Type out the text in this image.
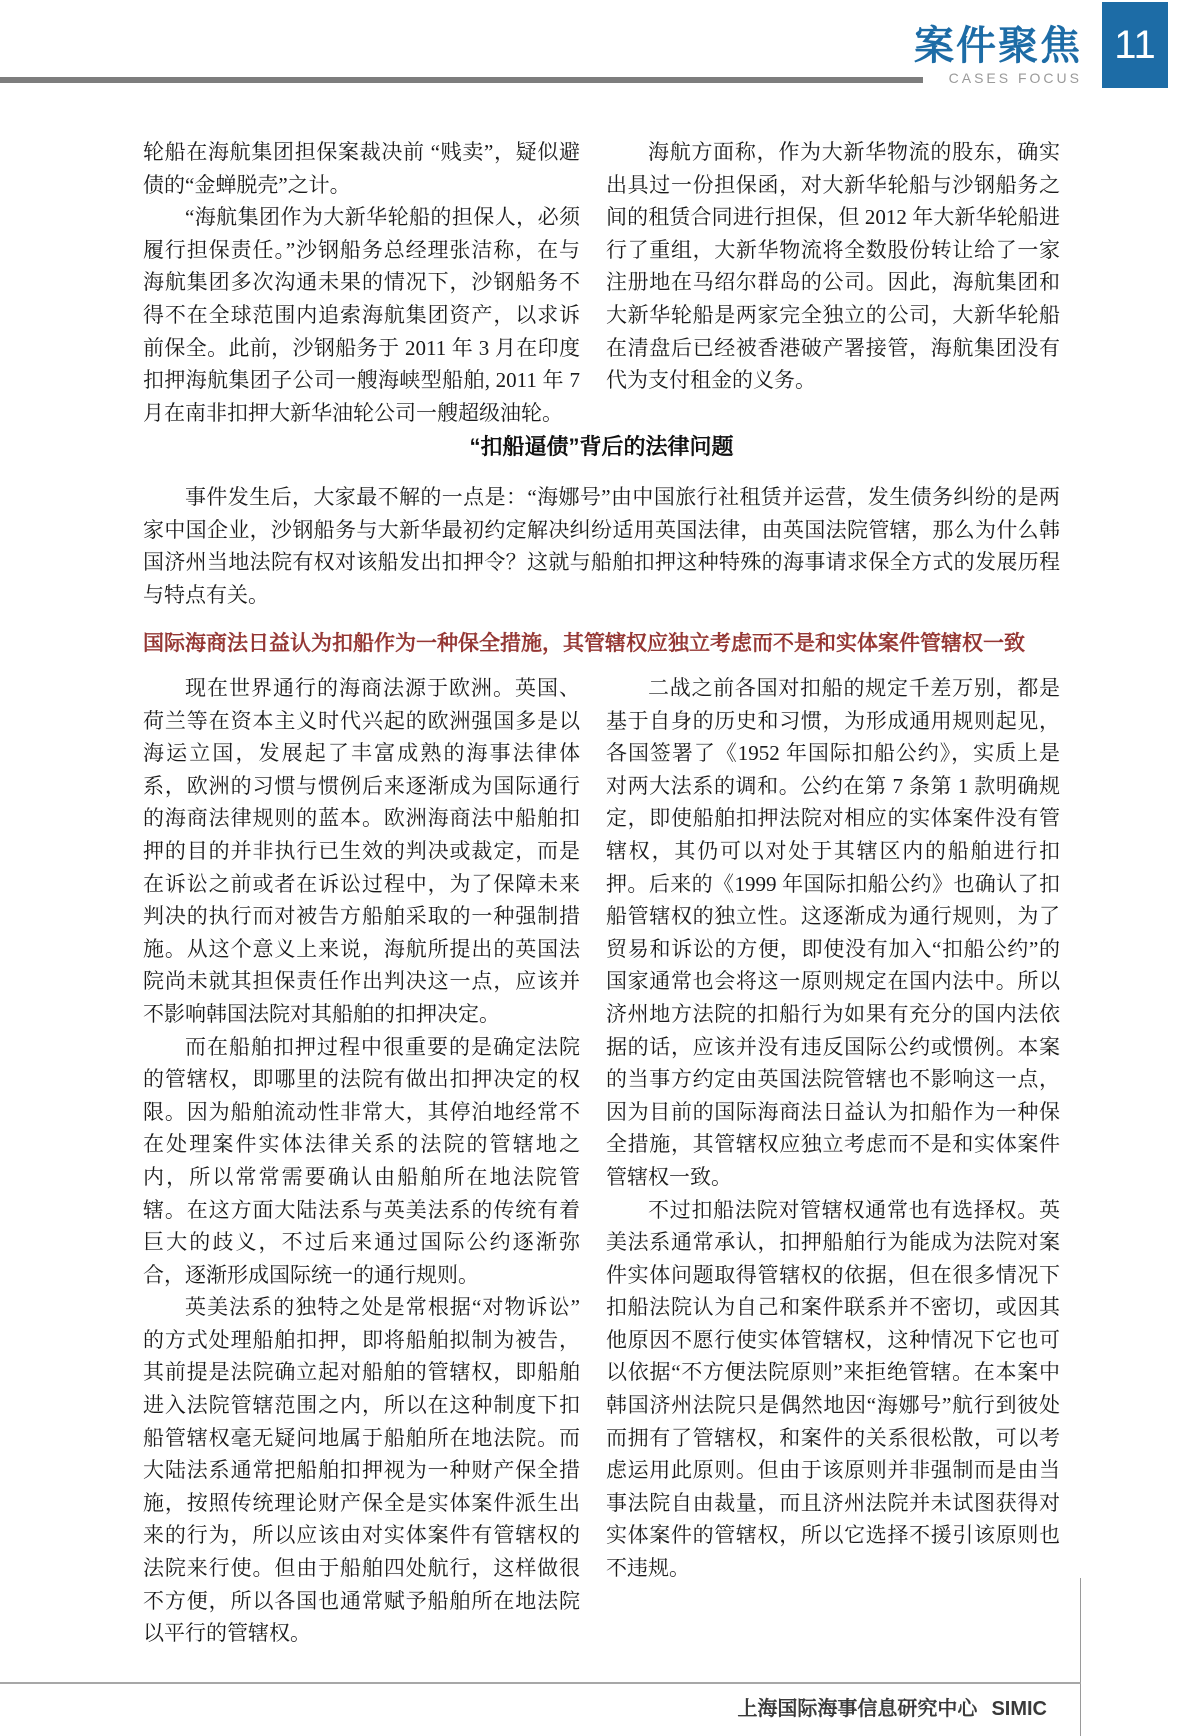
案件聚焦
CASES FOCUS
11

轮船在海航集团担保案裁决前 “贱卖”，疑似避债的“金蝉脱壳”之计。

“海航集团作为大新华轮船的担保人，必须履行担保责任。”沙钢船务总经理张洁称，在与海航集团多次沟通未果的情况下，沙钢船务不得不在全球范围内追索海航集团资产，以求诉前保全。此前，沙钢船务于 2011 年 3 月在印度扣押海航集团子公司一艘海峡型船舶, 2011 年 7 月在南非扣押大新华油轮公司一艘超级油轮。

海航方面称，作为大新华物流的股东，确实出具过一份担保函，对大新华轮船与沙钢船务之间的租赁合同进行担保，但 2012 年大新华轮船进行了重组，大新华物流将全数股份转让给了一家注册地在马绍尔群岛的公司。因此，海航集团和大新华轮船是两家完全独立的公司，大新华轮船在清盘后已经被香港破产署接管，海航集团没有代为支付租金的义务。

“扣船逼债”背后的法律问题

事件发生后，大家最不解的一点是：“海娜号”由中国旅行社租赁并运营，发生债务纠纷的是两家中国企业，沙钢船务与大新华最初约定解决纠纷适用英国法律，由英国法院管辖，那么为什么韩国济州当地法院有权对该船发出扣押令？这就与船舶扣押这种特殊的海事请求保全方式的发展历程与特点有关。

国际海商法日益认为扣船作为一种保全措施，其管辖权应独立考虑而不是和实体案件管辖权一致

现在世界通行的海商法源于欧洲。英国、荷兰等在资本主义时代兴起的欧洲强国多是以海运立国，发展起了丰富成熟的海事法律体系，欧洲的习惯与惯例后来逐渐成为国际通行的海商法律规则的蓝本。欧洲海商法中船舶扣押的目的并非执行已生效的判决或裁定，而是在诉讼之前或者在诉讼过程中，为了保障未来判决的执行而对被告方船舶采取的一种强制措施。从这个意义上来说，海航所提出的英国法院尚未就其担保责任作出判决这一点，应该并不影响韩国法院对其船舶的扣押决定。

而在船舶扣押过程中很重要的是确定法院的管辖权，即哪里的法院有做出扣押决定的权限。因为船舶流动性非常大，其停泊地经常不在处理案件实体法律关系的法院的管辖地之内，所以常常需要确认由船舶所在地法院管辖。在这方面大陆法系与英美法系的传统有着巨大的歧义，不过后来通过国际公约逐渐弥合，逐渐形成国际统一的通行规则。

英美法系的独特之处是常根据“对物诉讼”的方式处理船舶扣押，即将船舶拟制为被告，其前提是法院确立起对船舶的管辖权，即船舶进入法院管辖范围之内，所以在这种制度下扣船管辖权毫无疑问地属于船舶所在地法院。而大陆法系通常把船舶扣押视为一种财产保全措施，按照传统理论财产保全是实体案件派生出来的行为，所以应该由对实体案件有管辖权的法院来行使。但由于船舶四处航行，这样做很不方便，所以各国也通常赋予船舶所在地法院以平行的管辖权。

二战之前各国对扣船的规定千差万别，都是基于自身的历史和习惯，为形成通用规则起见，各国签署了《1952 年国际扣船公约》，实质上是对两大法系的调和。公约在第 7 条第 1 款明确规定，即使船舶扣押法院对相应的实体案件没有管辖权，其仍可以对处于其辖区内的船舶进行扣押。后来的《1999 年国际扣船公约》也确认了扣船管辖权的独立性。这逐渐成为通行规则，为了贸易和诉讼的方便，即使没有加入“扣船公约”的国家通常也会将这一原则规定在国内法中。所以济州地方法院的扣船行为如果有充分的国内法依据的话，应该并没有违反国际公约或惯例。本案的当事方约定由英国法院管辖也不影响这一点，因为目前的国际海商法日益认为扣船作为一种保全措施，其管辖权应独立考虑而不是和实体案件管辖权一致。

不过扣船法院对管辖权通常也有选择权。英美法系通常承认，扣押船舶行为能成为法院对案件实体问题取得管辖权的依据，但在很多情况下扣船法院认为自己和案件联系并不密切，或因其他原因不愿行使实体管辖权，这种情况下它也可以依据“不方便法院原则”来拒绝管辖。在本案中韩国济州法院只是偶然地因“海娜号”航行到彼处而拥有了管辖权，和案件的关系很松散，可以考虑运用此原则。但由于该原则并非强制而是由当事法院自由裁量，而且济州法院并未试图获得对实体案件的管辖权，所以它选择不援引该原则也不违规。

上海国际海事信息研究中心 SIMIC
